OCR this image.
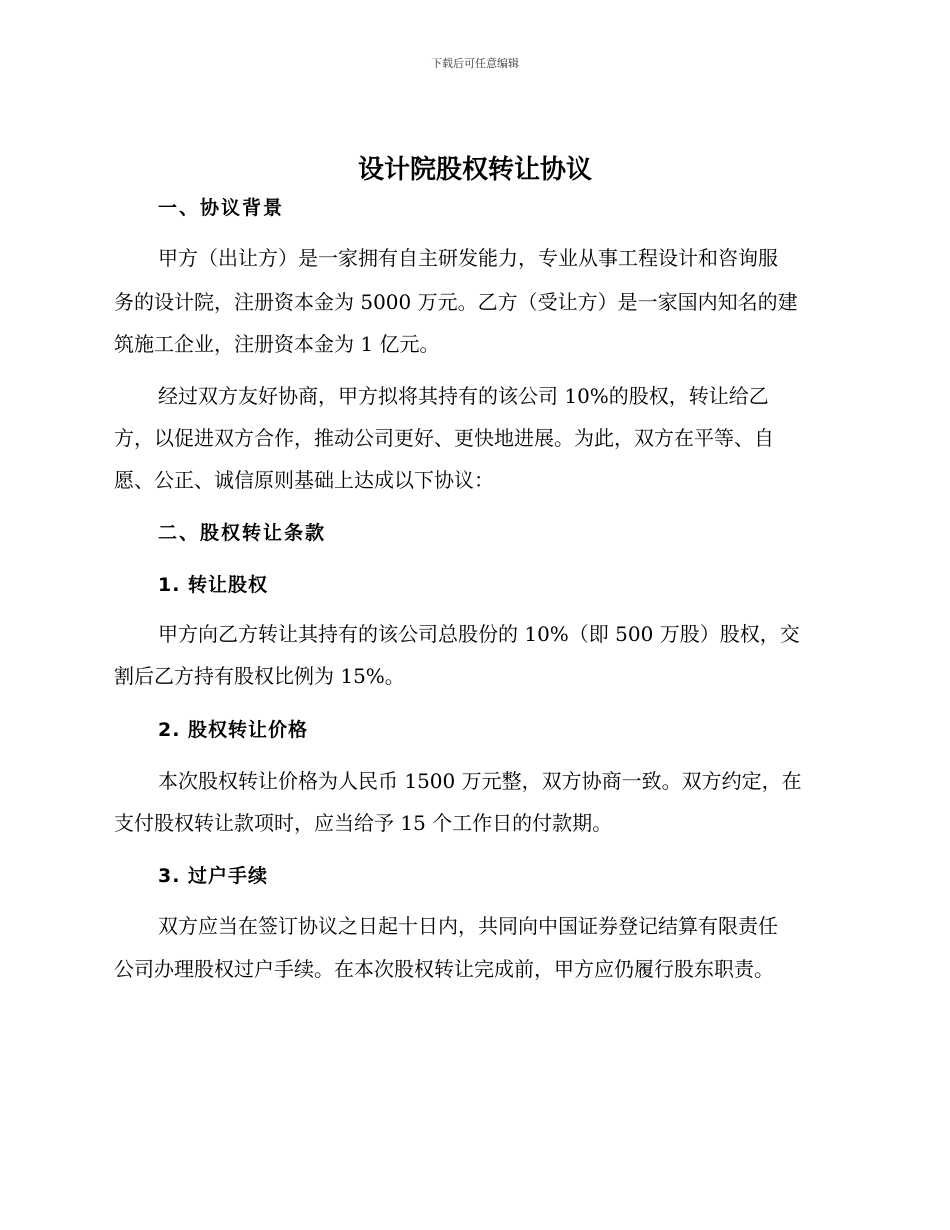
下载后可任意编辑
设计院股权转让协议
一、协议背景
甲方（出让方）是一家拥有自主研发能力，专业从事工程设计和咨询服
务的设计院，注册资本金为 5000 万元。乙方（受让方）是一家国内知名的建
筑施工企业，注册资本金为 1 亿元。
经过双方友好协商，甲方拟将其持有的该公司 10%的股权，转让给乙
方，以促进双方合作，推动公司更好、更快地进展。为此，双方在平等、自
愿、公正、诚信原则基础上达成以下协议：
二、股权转让条款
1. 转让股权
甲方向乙方转让其持有的该公司总股份的 10%（即 500 万股）股权，交
割后乙方持有股权比例为 15%。
2. 股权转让价格
本次股权转让价格为人民币 1500 万元整，双方协商一致。双方约定，在
支付股权转让款项时，应当给予 15 个工作日的付款期。
3. 过户手续
双方应当在签订协议之日起十日内，共同向中国证券登记结算有限责任
公司办理股权过户手续。在本次股权转让完成前，甲方应仍履行股东职责。
